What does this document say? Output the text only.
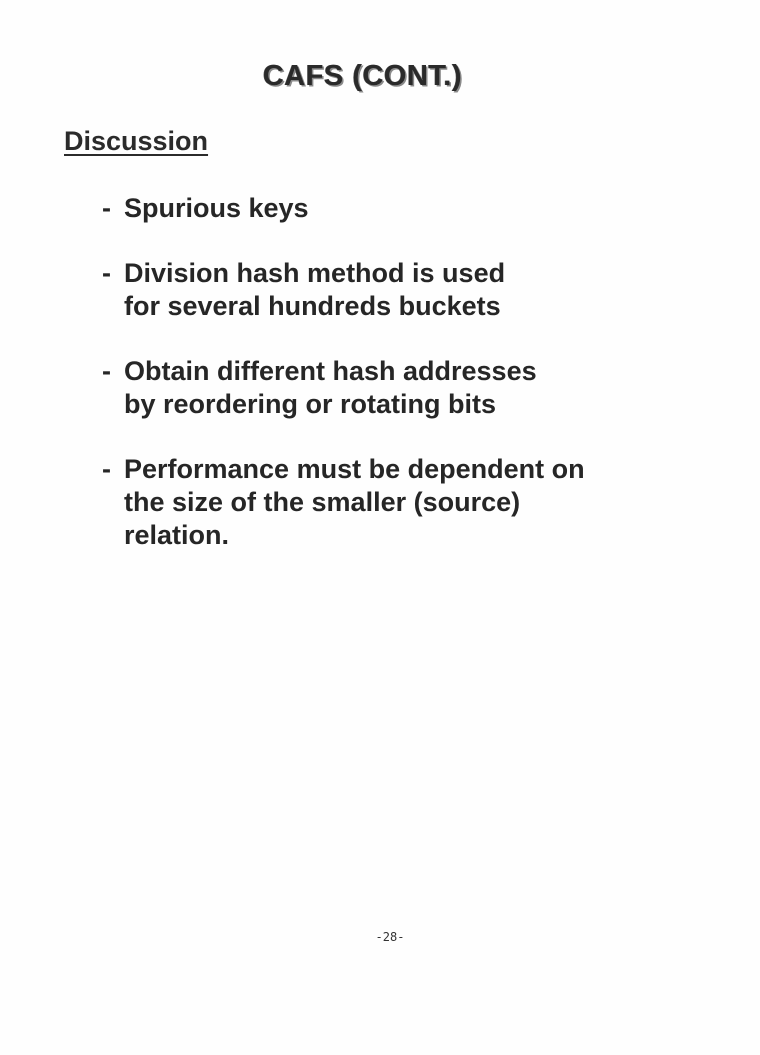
CAFS (CONT.)
Discussion
- Spurious keys
- Division hash method is used
for several hundreds buckets
- Obtain different hash addresses
by reordering or rotating bits
- Performance must be dependent on
the size of the smaller (source)
relation.
-28-
